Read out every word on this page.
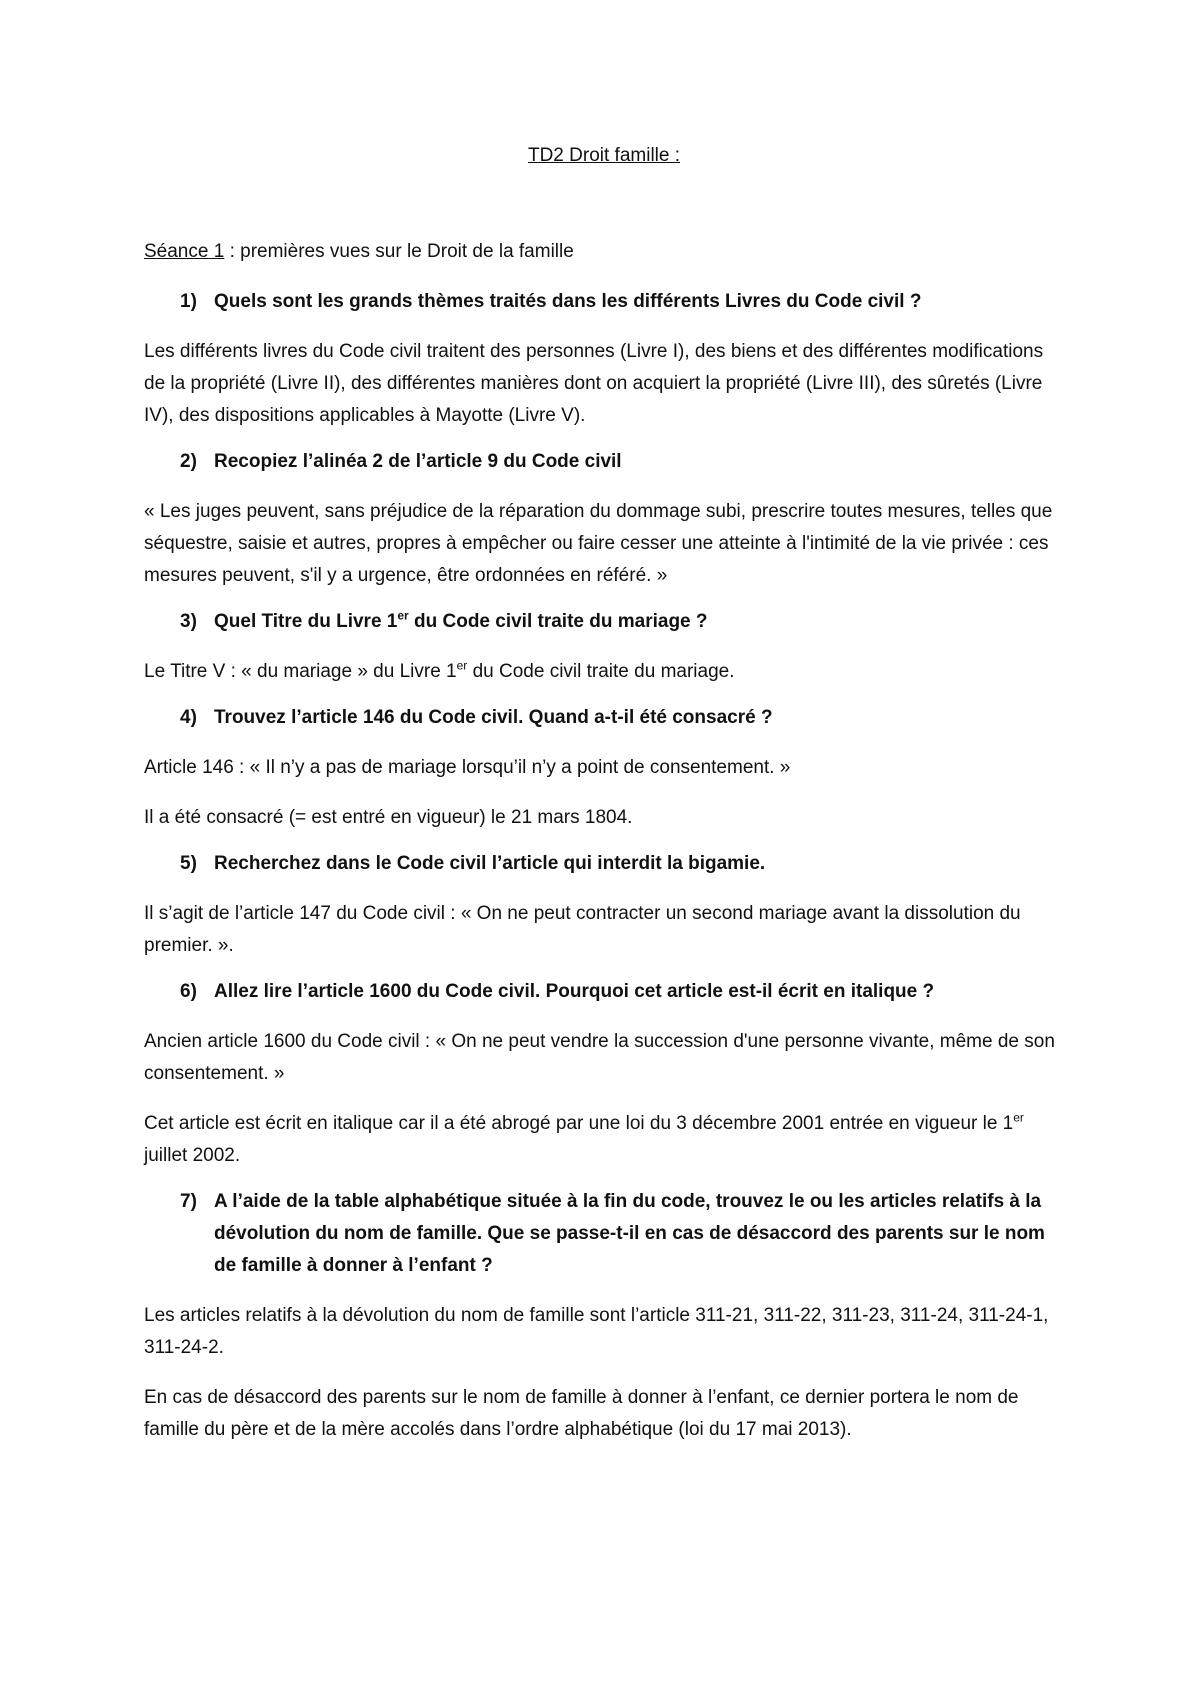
TD2 Droit famille :

Séance 1 : premières vues sur le Droit de la famille

1) Quels sont les grands thèmes traités dans les différents Livres du Code civil ?

Les différents livres du Code civil traitent des personnes (Livre I), des biens et des différentes modifications de la propriété (Livre II), des différentes manières dont on acquiert la propriété (Livre III), des sûretés (Livre IV), des dispositions applicables à Mayotte (Livre V).

2) Recopiez l’alinéa 2 de l’article 9 du Code civil

« Les juges peuvent, sans préjudice de la réparation du dommage subi, prescrire toutes mesures, telles que séquestre, saisie et autres, propres à empêcher ou faire cesser une atteinte à l'intimité de la vie privée : ces mesures peuvent, s'il y a urgence, être ordonnées en référé. »

3) Quel Titre du Livre 1er du Code civil traite du mariage ?

Le Titre V : « du mariage » du Livre 1er du Code civil traite du mariage.

4) Trouvez l’article 146 du Code civil. Quand a-t-il été consacré ?

Article 146 : « Il n’y a pas de mariage lorsqu’il n’y a point de consentement. »

Il a été consacré (= est entré en vigueur) le 21 mars 1804.

5) Recherchez dans le Code civil l’article qui interdit la bigamie.

Il s’agit de l’article 147 du Code civil : « On ne peut contracter un second mariage avant la dissolution du premier. ».

6) Allez lire l’article 1600 du Code civil. Pourquoi cet article est-il écrit en italique ?

Ancien article 1600 du Code civil : « On ne peut vendre la succession d'une personne vivante, même de son consentement. »

Cet article est écrit en italique car il a été abrogé par une loi du 3 décembre 2001 entrée en vigueur le 1er juillet 2002.

7) A l’aide de la table alphabétique située à la fin du code, trouvez le ou les articles relatifs à la dévolution du nom de famille. Que se passe-t-il en cas de désaccord des parents sur le nom de famille à donner à l’enfant ?

Les articles relatifs à la dévolution du nom de famille sont l’article 311-21, 311-22, 311-23, 311-24, 311-24-1, 311-24-2.

En cas de désaccord des parents sur le nom de famille à donner à l’enfant, ce dernier portera le nom de famille du père et de la mère accolés dans l’ordre alphabétique (loi du 17 mai 2013).
